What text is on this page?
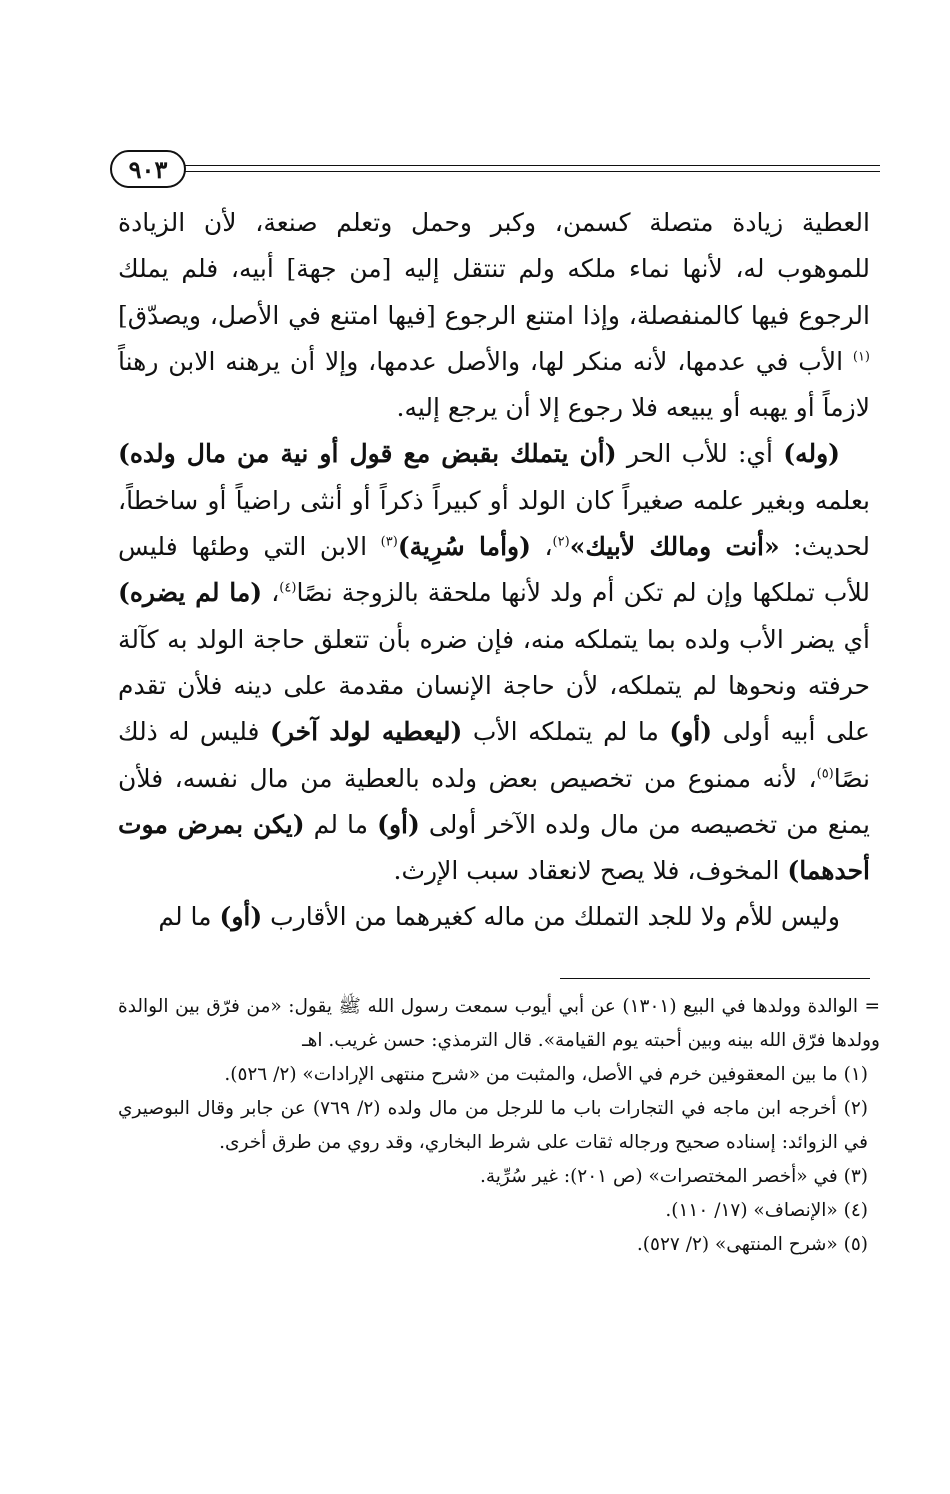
٩٠٣

العطية زيادة متصلة كسمن، وكبر وحمل وتعلم صنعة، لأن الزيادة للموهوب له، لأنها نماء ملكه ولم تنتقل إليه [من جهة] أبيه، فلم يملك الرجوع فيها كالمنفصلة، وإذا امتنع الرجوع [فيها امتنع في الأصل، ويصدّق]$^{(١)}$ الأب في عدمها، لأنه منكر لها، والأصل عدمها، وإلا أن يرهنه الابن رهناً لازماً أو يهبه أو يبيعه فلا رجوع إلا أن يرجع إليه.

(وله) أي: للأب الحر (أن يتملك بقبض مع قول أو نية من مال ولده) بعلمه وبغير علمه صغيراً كان الولد أو كبيراً ذكراً أو أنثى راضياً أو ساخطاً، لحديث: «أنت ومالك لأبيك»$^{(٢)}$، (وأما سُرِية)$^{(٣)}$ الابن التي وطئها فليس للأب تملكها وإن لم تكن أم ولد لأنها ملحقة بالزوجة نصًا$^{(٤)}$، (ما لم يضره) أي يضر الأب ولده بما يتملكه منه، فإن ضره بأن تتعلق حاجة الولد به كآلة حرفته ونحوها لم يتملكه، لأن حاجة الإنسان مقدمة على دينه فلأن تقدم على أبيه أولى (أو) ما لم يتملكه الأب (ليعطيه لولد آخر) فليس له ذلك نصًا$^{(٥)}$، لأنه ممنوع من تخصيص بعض ولده بالعطية من مال نفسه، فلأن يمنع من تخصيصه من مال ولده الآخر أولى (أو) ما لم (يكن بمرض موت أحدهما) المخوف، فلا يصح لانعقاد سبب الإرث.

وليس للأم ولا للجد التملك من ماله كغيرهما من الأقارب (أو) ما لم

= الوالدة وولدها في البيع (١٣٠١) عن أبي أيوب سمعت رسول الله ﷺ يقول: «من فرّق بين الوالدة وولدها فرّق الله بينه وبين أحبته يوم القيامة». قال الترمذي: حسن غريب. اهـ

(١) ما بين المعقوفين خرم في الأصل، والمثبت من «شرح منتهى الإرادات» (٢/ ٥٢٦).

(٢) أخرجه ابن ماجه في التجارات باب ما للرجل من مال ولده (٢/ ٧٦٩) عن جابر وقال البوصيري في الزوائد: إسناده صحيح ورجاله ثقات على شرط البخاري، وقد روي من طرق أخرى.

(٣) في «أخصر المختصرات» (ص ٢٠١): غير سُرِّية.

(٤) «الإنصاف» (١٧/ ١١٠).

(٥) «شرح المنتهى» (٢/ ٥٢٧).
